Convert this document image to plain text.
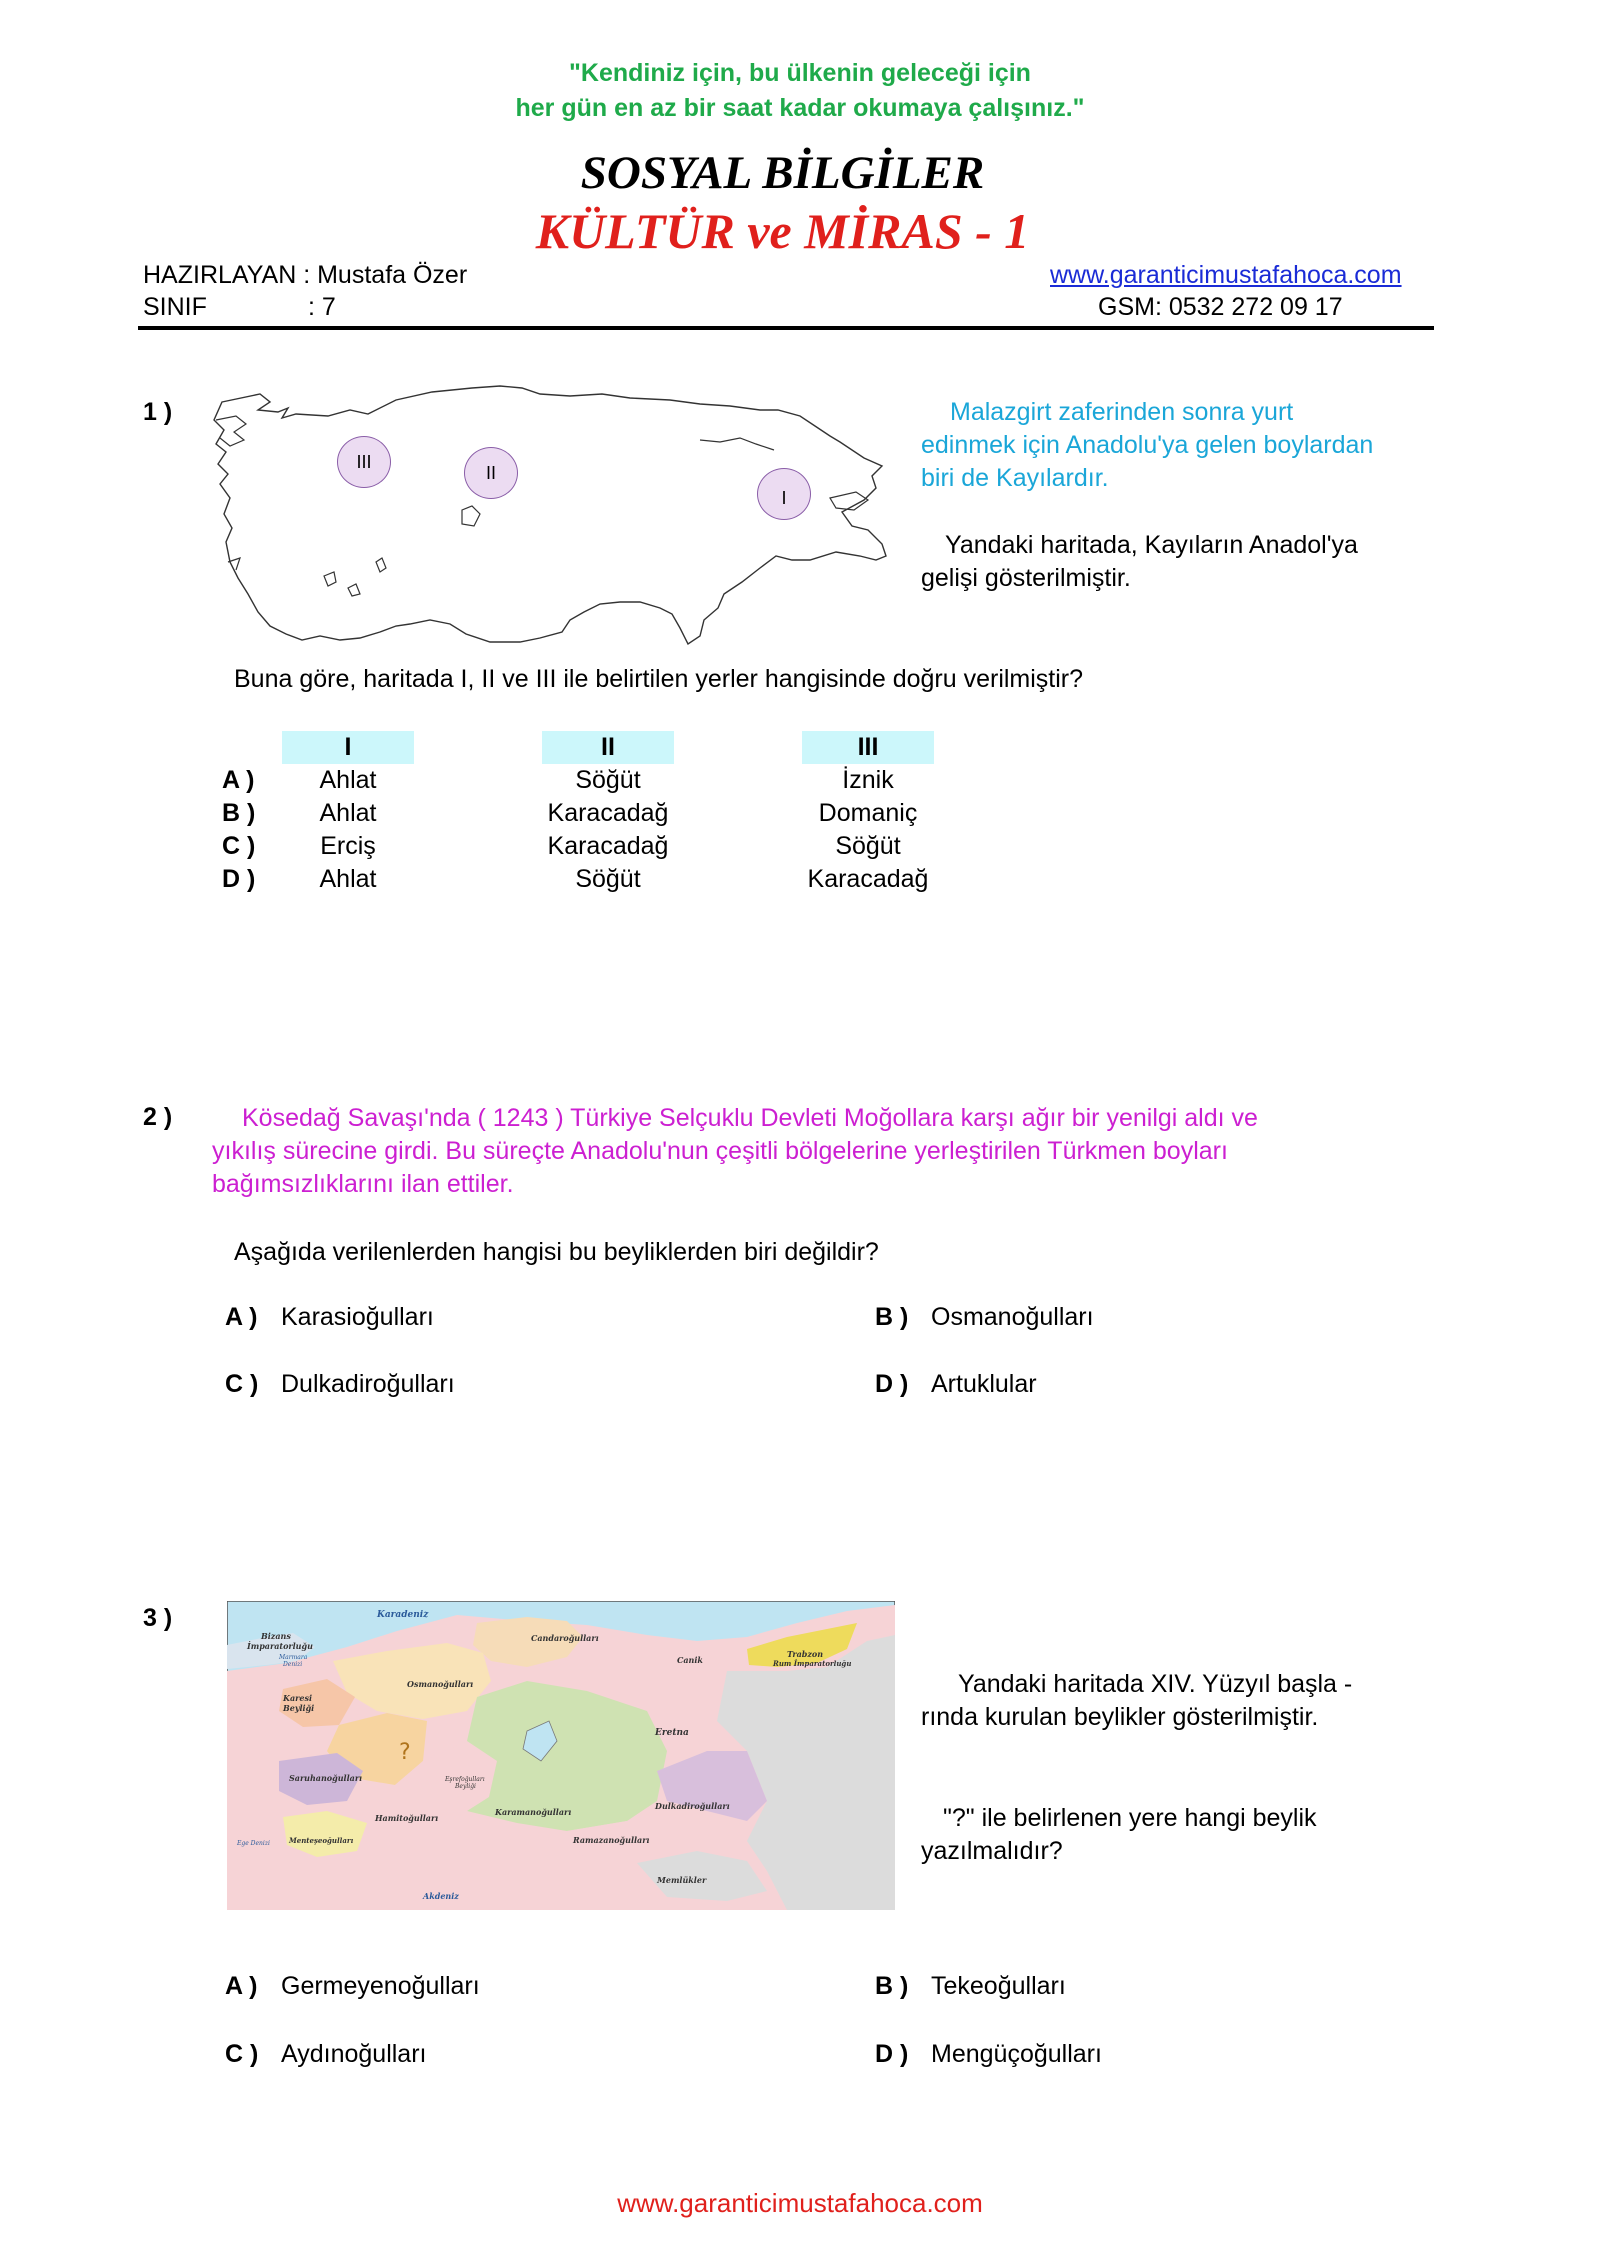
"Kendiniz için, bu ülkenin geleceği için
her gün en az bir saat kadar okumaya çalışınız."
SOSYAL BİLGİLER
KÜLTÜR ve MİRAS - 1
HAZIRLAYAN : Mustafa Özer
SINIF	: 7
www.garanticimustafahoca.com
GSM: 0532 272 09 17
1 )
III
II
I
Malazgirt zaferinden sonra yurt
edinmek için Anadolu'ya gelen boylardan
biri de Kayılardır.
Yandaki haritada, Kayıların Anadol'ya
gelişi gösterilmiştir.
Buna göre, haritada I, II ve III ile belirtilen yerler hangisinde doğru verilmiştir?
	I		II		III
A )	Ahlat		Söğüt		İznik
B )	Ahlat		Karacadağ		Domaniç
C )	Erciş		Karacadağ		Söğüt
D )	Ahlat		Söğüt		Karacadağ
2 )	Kösedağ Savaşı'nda ( 1243 ) Türkiye Selçuklu Devleti Moğollara karşı ağır bir yenilgi aldı ve
yıkılış sürecine girdi. Bu süreçte Anadolu'nun çeşitli bölgelerine yerleştirilen Türkmen boyları
bağımsızlıklarını ilan ettiler.
Aşağıda verilenlerden hangisi bu beyliklerden biri değildir?
A ) Karasioğulları	B ) Osmanoğulları
C ) Dulkadiroğulları	D ) Artuklular
3 )	Karadeniz
Bizans
İmparatorluğu
Marmara
Denizi
Candaroğulları
Canik
Trabzon
Rum İmparatorluğu
Osmanoğulları
Karesi
Beyliği
Eretna
?
Saruhanoğulları	Eşrefoğulları
Beyliği
Hamitoğulları
Karamanoğulları
Dulkadiroğulları
Ege Denizi	Menteşeoğulları	Ramazanoğulları
Memlükler
Akdeniz
Yandaki haritada XIV. Yüzyıl başla -
rında kurulan beylikler gösterilmiştir.
"?" ile belirlenen yere hangi beylik
yazılmalıdır?
A ) Germeyenoğulları	B ) Tekeoğulları
C ) Aydınoğulları	D ) Mengüçoğulları
www.garanticimustafahoca.com
